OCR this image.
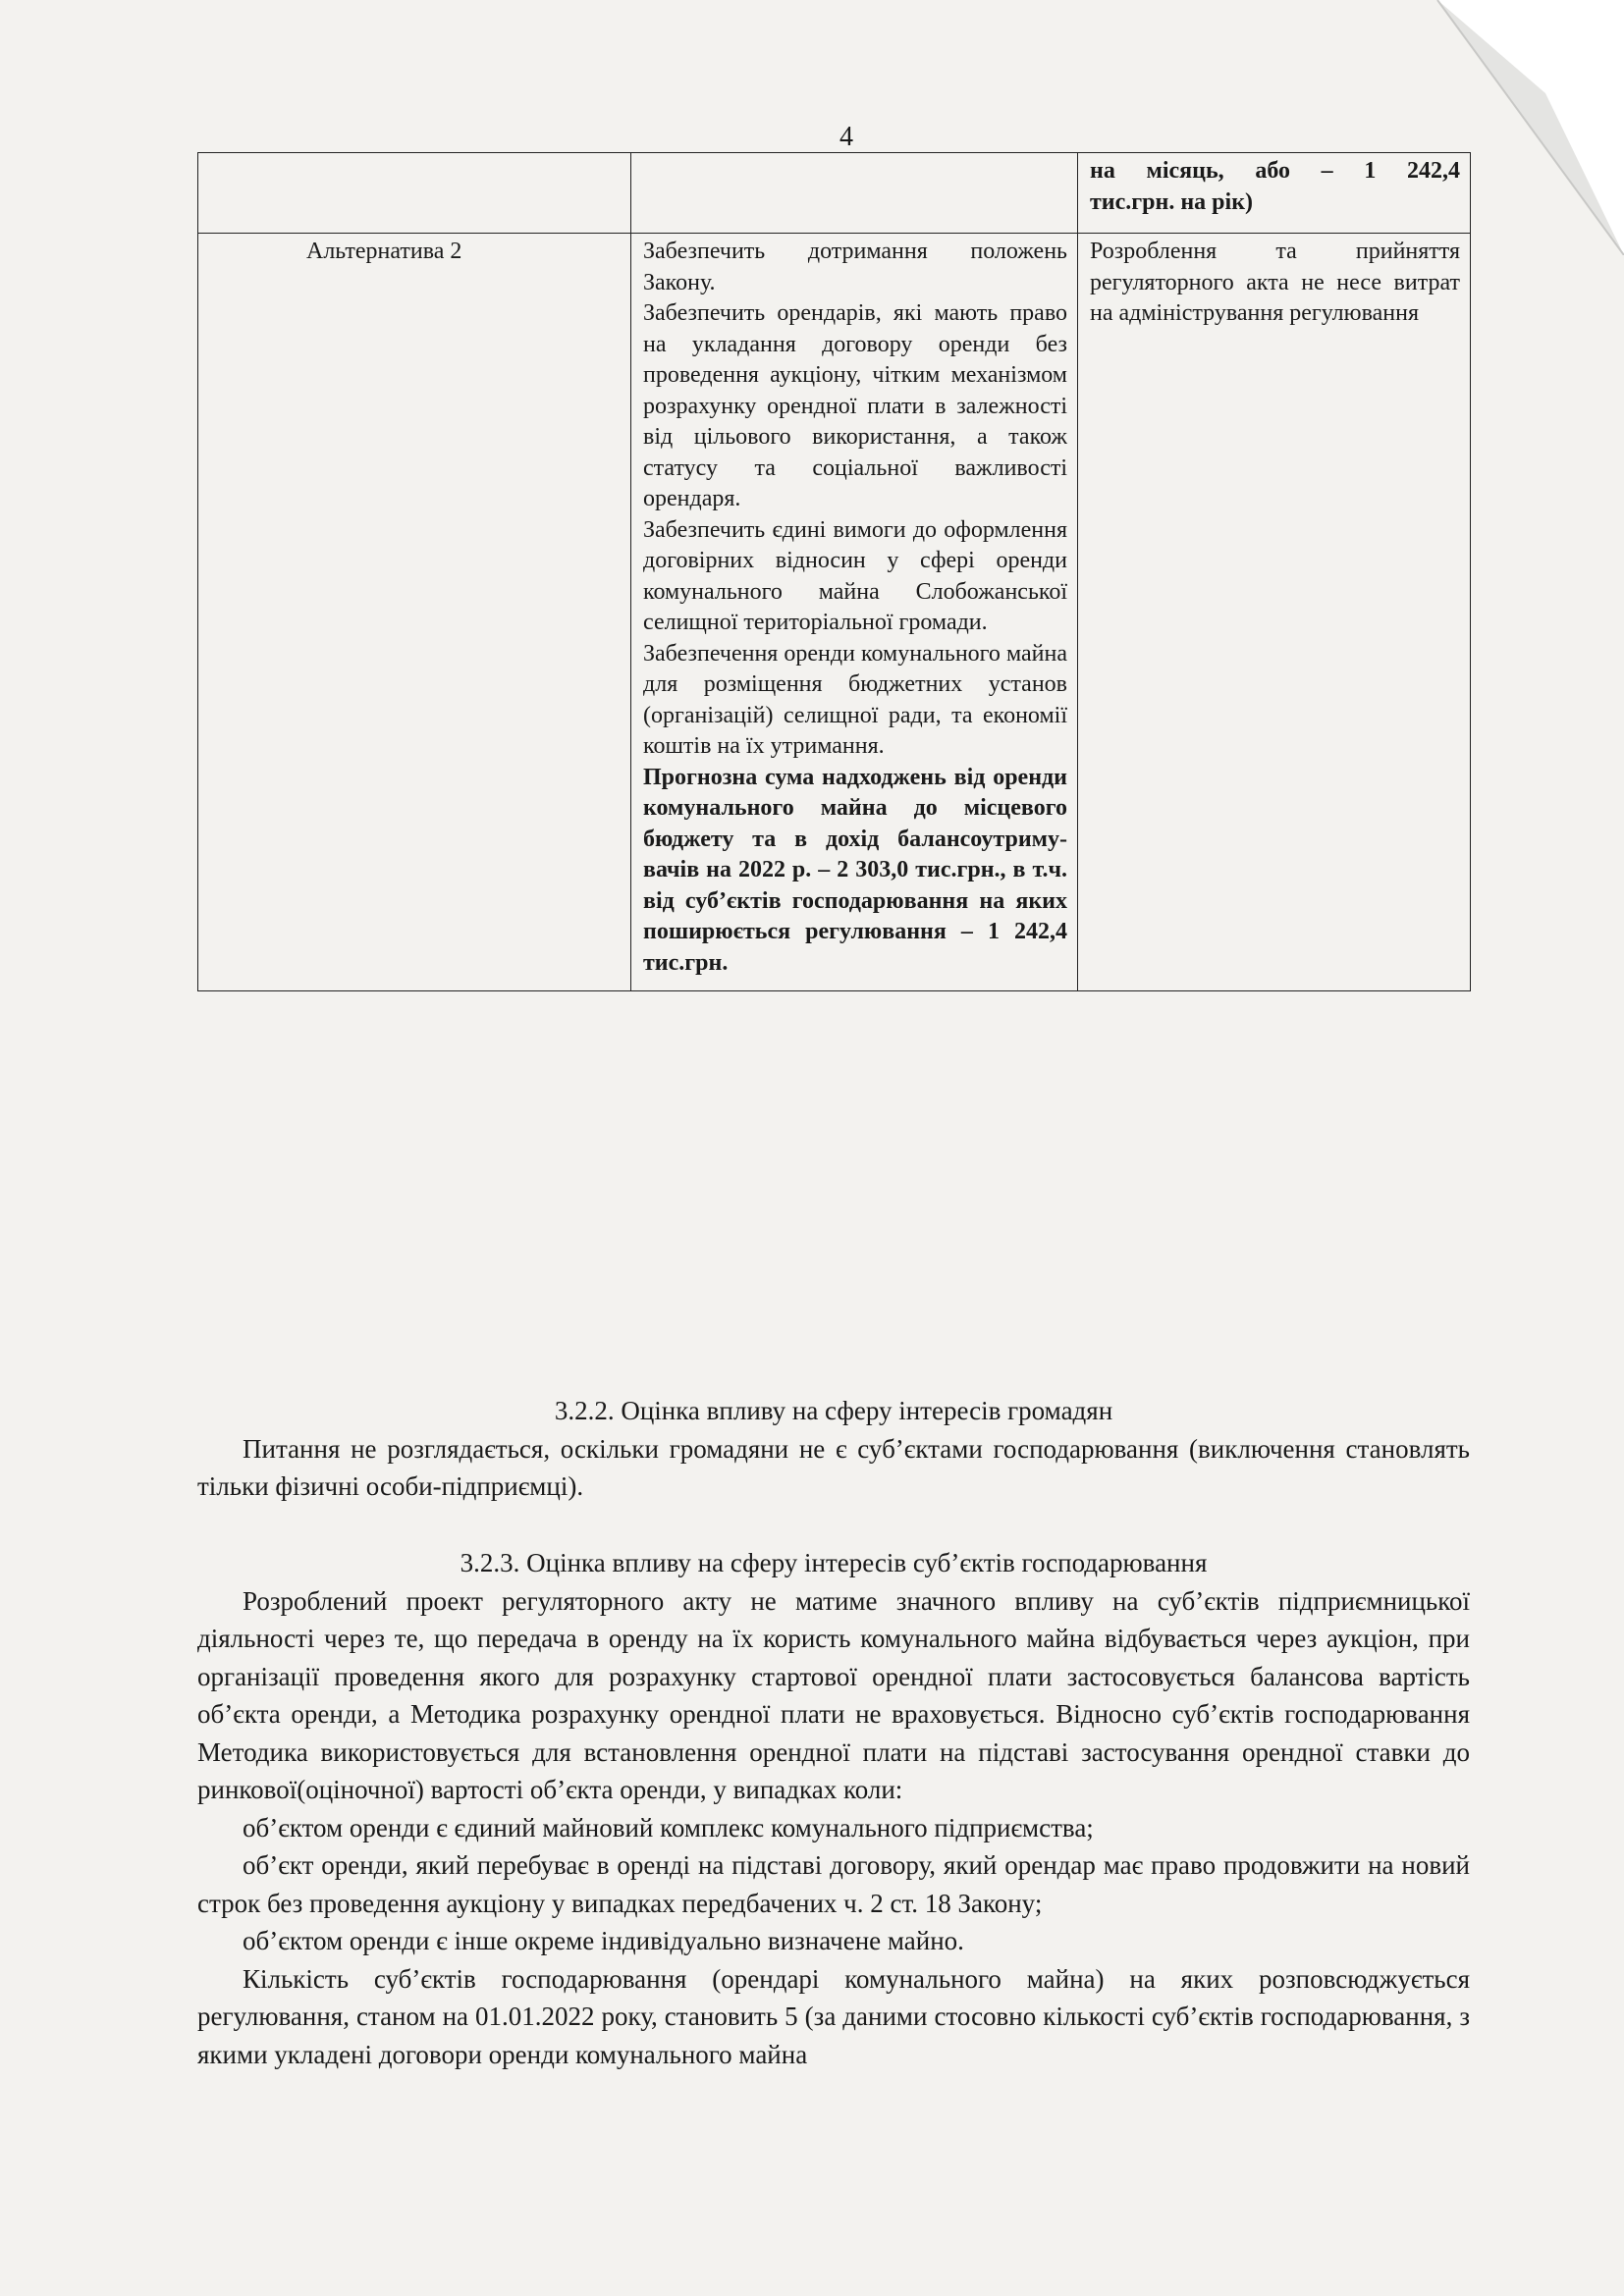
4

		на місяць, або – 1 242,4
тис.грн. на рік)

Альтернатива 2	Забезпечить дотримання положень Закону.
Забезпечить орендарів, які мають право на укладання договору оренди без проведення аукціону, чітким механізмом розрахунку орендної плати в залежності від цільового використання, а також статусу та соціальної важливості орендаря.
Забезпечить єдині вимоги до оформлення договірних відносин у сфері оренди комунального майна Слобожанської селищної територіальної громади.
Забезпечення оренди комунального майна для розміщення бюджетних установ (організацій) селищної ради, та економії коштів на їх утримання.
Прогнозна сума надходжень від оренди комунального майна до місцевого бюджету та в дохід балансоутриму-вачів на 2022 р. – 2 303,0 тис.грн., в т.ч. від суб’єктів господарювання на яких поширюється регулювання – 1 242,4 тис.грн.	Розроблення та прийняття регуляторного акта не несе витрат на адміністрування регулювання
3.2.2. Оцінка впливу на сферу інтересів громадян
Питання не розглядається, оскільки громадяни не є суб’єктами господарювання (виключення становлять тільки фізичні особи-підприємці).
3.2.3. Оцінка впливу на сферу інтересів суб’єктів господарювання
Розроблений проект регуляторного акту не матиме значного впливу на суб’єктів підприємницької діяльності через те, що передача в оренду на їх користь комунального майна відбувається через аукціон, при організації проведення якого для розрахунку стартової орендної плати застосовується балансова вартість об’єкта оренди, а Методика розрахунку орендної плати не враховується. Відносно суб’єктів господарювання Методика використовується для встановлення орендної плати на підставі застосування орендної ставки до ринкової(оціночної) вартості об’єкта оренди, у випадках коли:
об’єктом оренди є єдиний майновий комплекс комунального підприємства;
об’єкт оренди, який перебуває в оренді на підставі договору, який орендар має право продовжити на новий строк без проведення аукціону у випадках передбачених ч. 2 ст. 18 Закону;
об’єктом оренди є інше окреме індивідуально визначене майно.
Кількість суб’єктів господарювання (орендарі комунального майна) на яких розповсюджується регулювання, станом на 01.01.2022 року, становить 5 (за даними стосовно кількості суб’єктів господарювання, з якими укладені договори оренди комунального майна
